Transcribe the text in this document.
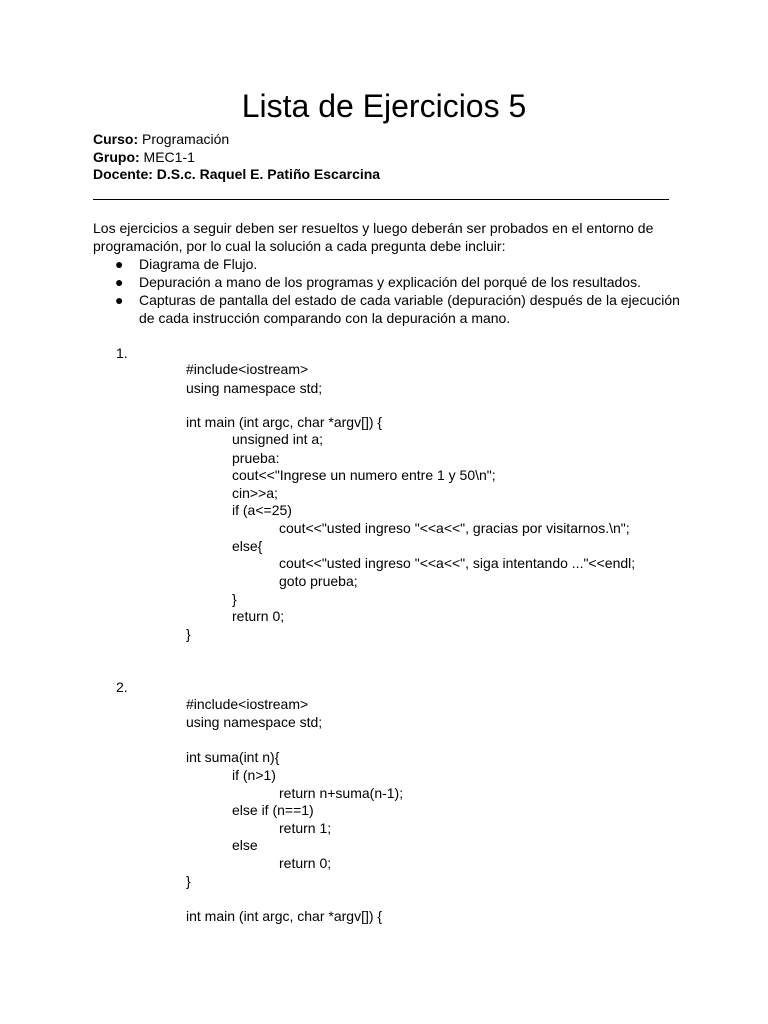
Lista de Ejercicios 5
Curso: Programación
Grupo: MEC1-1
Docente: D.S.c. Raquel E. Patiño Escarcina
Los ejercicios a seguir deben ser resueltos y luego deberán ser probados en el entorno de programación, por lo cual la solución a cada pregunta debe incluir:
● Diagrama de Flujo.
● Depuración a mano de los programas y explicación del porqué de los resultados.
● Capturas de pantalla del estado de cada variable (depuración) después de la ejecución de cada instrucción comparando con la depuración a mano.
1.
#include<iostream>
using namespace std;
int main (int argc, char *argv[]) {
unsigned int a;
prueba:
cout<<"Ingrese un numero entre 1 y 50\n";
cin>>a;
if (a<=25)
cout<<"usted ingreso "<<a<<", gracias por visitarnos.\n";
else{
cout<<"usted ingreso "<<a<<", siga intentando ..."<<endl;
goto prueba;
}
return 0;
}
2.
#include<iostream>
using namespace std;
int suma(int n){
if (n>1)
return n+suma(n-1);
else if (n==1)
return 1;
else
return 0;
}
int main (int argc, char *argv[]) {
